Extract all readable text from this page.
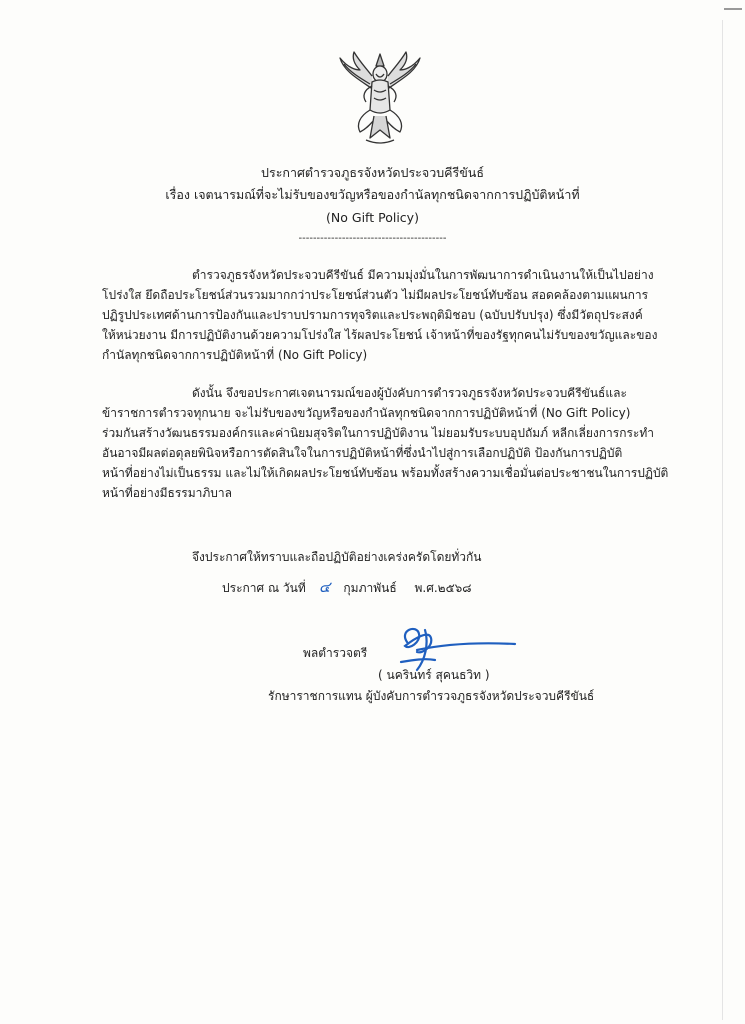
ประกาศตำรวจภูธรจังหวัดประจวบคีรีขันธ์
เรื่อง เจตนารมณ์ที่จะไม่รับของขวัญหรือของกำนัลทุกชนิดจากการปฏิบัติหน้าที่
(No Gift Policy)
-----------------------------------------
ตำรวจภูธรจังหวัดประจวบคีรีขันธ์ มีความมุ่งมั่นในการพัฒนาการดำเนินงานให้เป็นไปอย่าง
โปร่งใส ยึดถือประโยชน์ส่วนรวมมากกว่าประโยชน์ส่วนตัว ไม่มีผลประโยชน์ทับซ้อน สอดคล้องตามแผนการ
ปฏิรูปประเทศด้านการป้องกันและปราบปรามการทุจริตและประพฤติมิชอบ (ฉบับปรับปรุง) ซึ่งมีวัตถุประสงค์
ให้หน่วยงาน มีการปฏิบัติงานด้วยความโปร่งใส ไร้ผลประโยชน์ เจ้าหน้าที่ของรัฐทุกคนไม่รับของขวัญและของ
กำนัลทุกชนิดจากการปฏิบัติหน้าที่ (No Gift Policy)
ดังนั้น จึงขอประกาศเจตนารมณ์ของผู้บังคับการตำรวจภูธรจังหวัดประจวบคีรีขันธ์และ
ข้าราชการตำรวจทุกนาย จะไม่รับของขวัญหรือของกำนัลทุกชนิดจากการปฏิบัติหน้าที่ (No Gift Policy)
ร่วมกันสร้างวัฒนธรรมองค์กรและค่านิยมสุจริตในการปฏิบัติงาน ไม่ยอมรับระบบอุปถัมภ์ หลีกเลี่ยงการกระทำ
อันอาจมีผลต่อดุลยพินิจหรือการตัดสินใจในการปฏิบัติหน้าที่ซึ่งนำไปสู่การเลือกปฏิบัติ ป้องกันการปฏิบัติ
หน้าที่อย่างไม่เป็นธรรม และไม่ให้เกิดผลประโยชน์ทับซ้อน พร้อมทั้งสร้างความเชื่อมั่นต่อประชาชนในการปฏิบัติ
หน้าที่อย่างมีธรรมาภิบาล
จึงประกาศให้ทราบและถือปฏิบัติอย่างเคร่งครัดโดยทั่วกัน
ประกาศ ณ วันที่ ๔ กุมภาพันธ์ พ.ศ.๒๕๖๘
พลตำรวจตรี
( นครินทร์ สุคนธวิท )
รักษาราชการแทน ผู้บังคับการตำรวจภูธรจังหวัดประจวบคีรีขันธ์
